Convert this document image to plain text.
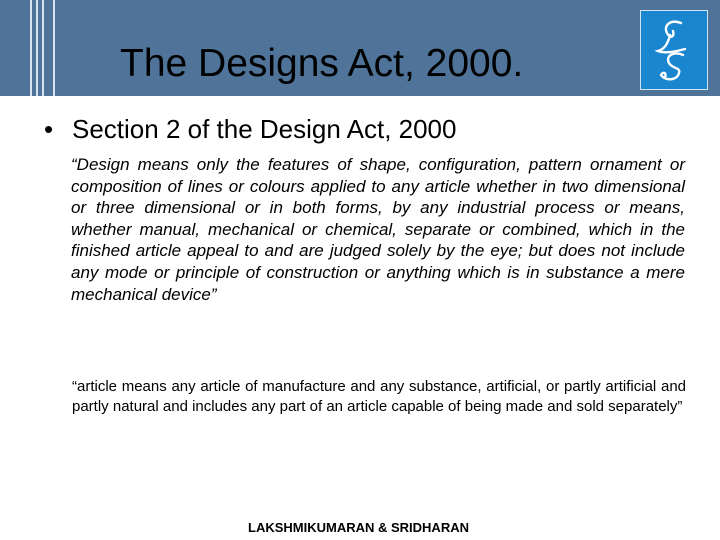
The Designs Act, 2000.
• Section 2 of the Design Act, 2000

“Design means only the features of shape, configuration, pattern ornament or composition of lines or colours applied to any article whether in two dimensional or three dimensional or in both forms, by any industrial process or means, whether manual, mechanical or chemical, separate or combined, which in the finished article appeal to and are judged solely by the eye; but does not include any mode or principle of construction or anything which is in substance a mere mechanical device”

“article means any article of manufacture and any substance, artificial, or partly artificial and partly natural and includes any part of an article capable of being made and sold separately”

LAKSHMIKUMARAN & SRIDHARAN
